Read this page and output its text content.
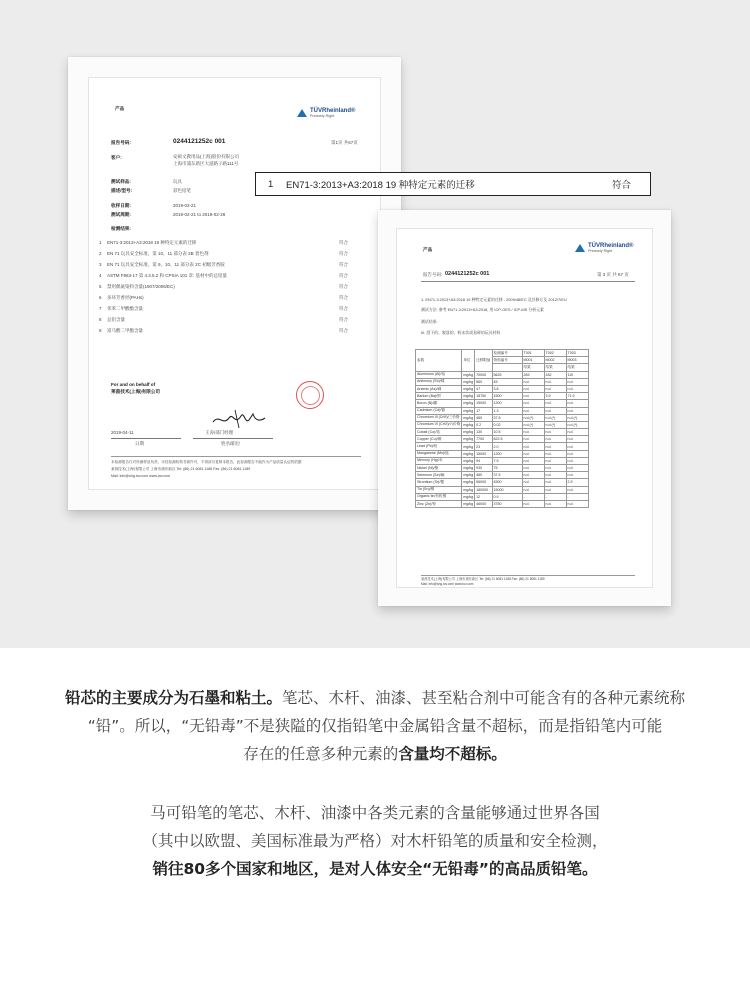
产品	TÜVRheinland®
Precisely Right.
报告号码:	0244121252c 001	第1页 共67页
客户:	安硕文教用品(上海)股份有限公司
上海市浦东新区大道路子路111号
测试样品:	玩具
描述/型号:	彩色铅笔
收样日期:	2019-02-21
测试周期:	2019-02-21 to 2019-02-28
检测结果:
1	EN71-3:2013+A3:2018 19 种特定元素的迁移	符合
2	EN 71 玩具安全标准，第 10、11 部分表 2B 着色剂	符合
3	EN 71 玩具安全标准，第 9、10、11 部分表 2C 初级芳香胺	符合
4	ASTM F963-17 第 4.3.5.2 和 CPSIA 101 章: 基材中的总铅量	符合
5	禁用偶氮染料含量(1907/2006/EC)	符合
6	多环芳香烃(PAHs)	符合
7	邻苯二甲酸酯含量	符合
8	总铅含量	符合
9	富马酸二甲酯含量	符合
For and on behalf of
莱茵技术(上海)有限公司
2019-04-11	王涛/部门经理
日期	姓名/职位
本检测报告仅对所测样品负责，未经检测机构书面许可，不得部分复制本报告，此检测报告不能作为产品质量认证的依据
莱茵技术(上海)有限公司 上海市浦东新区 Tel: (86) 21 6081 1188 Fax: (86) 21 6081 1189
Mail: info@shg.tuv.com www.tuv.com
产品
TÜVRheinland®
Precisely Right.
报告号码: 0244121252c 001	第 3 页 共 67 页
1. EN71-3:2013+A3:2018 19 种特定元素的迁移 - 2009/48/EC 及其修订及 2012/7/EU
测试方法: 参考 EN71-3:2013+A3:2018, 用 ICP-OES / ICP-MS 分析元素
测试结果:
III. 刮下的、脱落的、粉末状或易碎的玩具材料
参数	单位	迁移限值	检测编号	T001	T002	T003
			物料编号	M001	M002	M003
				结果	结果	结果
Aluminium (Al)/铝	mg/kg	70000	5625	283	182	110
Antimony (Sb)/锑	mg/kg	560	45	n.d.	n.d.	n.d.
Arsenic (As)/砷	mg/kg	47	3.8	n.d.	n.d.	n.d.
Barium (Ba)/钡	mg/kg	18750	1500	n.d.	3.9	71.9
Boron (B)/硼	mg/kg	15000	1200	n.d.	n.d.	n.d.
Cadmium (Cd)/镉	mg/kg	17	1.3	n.d.	n.d.	n.d.
Chromium III (CrIII)/三价铬	mg/kg	460	37.5	n.d.(*)	n.d.(*)	n.d.(*)
Chromium VI (CrVI)/六价铬	mg/kg	0.2	0.02	n.d.(*)	n.d.(*)	n.d.(*)
Cobalt (Co)/钴	mg/kg	130	10.5	n.d.	n.d.	n.d.
Copper (Cu)/铜	mg/kg	7700	622.5	n.d.	n.d.	n.d.
Lead (Pb)/铅	mg/kg	23	2.0	n.d.	n.d.	n.d.
Manganese (Mn)/锰	mg/kg	15000	1200	n.d.	n.d.	n.d.
Mercury (Hg)/汞	mg/kg	94	7.5	n.d.	n.d.	n.d.
Nickel (Ni)/镍	mg/kg	930	75	n.d.	n.d.	n.d.
Selenium (Se)/硒	mg/kg	460	37.5	n.d.	n.d.	n.d.
Strontium (Sr)/锶	mg/kg	56000	4500	n.d.	n.d.	2.9
Tin (Sn)/锡	mg/kg	180000	15000	n.d.	n.d.	n.d.
Organic tin/有机锡	mg/kg	12	0.9	-	-	-
Zinc (Zn)/锌	mg/kg	46000	3750	n.d.	n.d.	n.d.
莱茵技术(上海)有限公司 上海市浦东新区 Tel: (86) 21 6081 1188 Fax: (86) 21 6081 1189
Mail: info@shg.tuv.com www.tuv.com
1	EN71-3:2013+A3:2018 19 种特定元素的迁移	符合

铅芯的主要成分为石墨和粘土。笔芯、木杆、油漆、甚至粘合剂中可能含有的各种元素统称

“铅”。所以，“无铅毒”不是狭隘的仅指铅笔中金属铅含量不超标，而是指铅笔内可能

存在的任意多种元素的含量均不超标。

马可铅笔的笔芯、木杆、油漆中各类元素的含量能够通过世界各国

（其中以欧盟、美国标准最为严格）对木杆铅笔的质量和安全检测，

销往80多个国家和地区，是对人体安全“无铅毒”的高品质铅笔。
